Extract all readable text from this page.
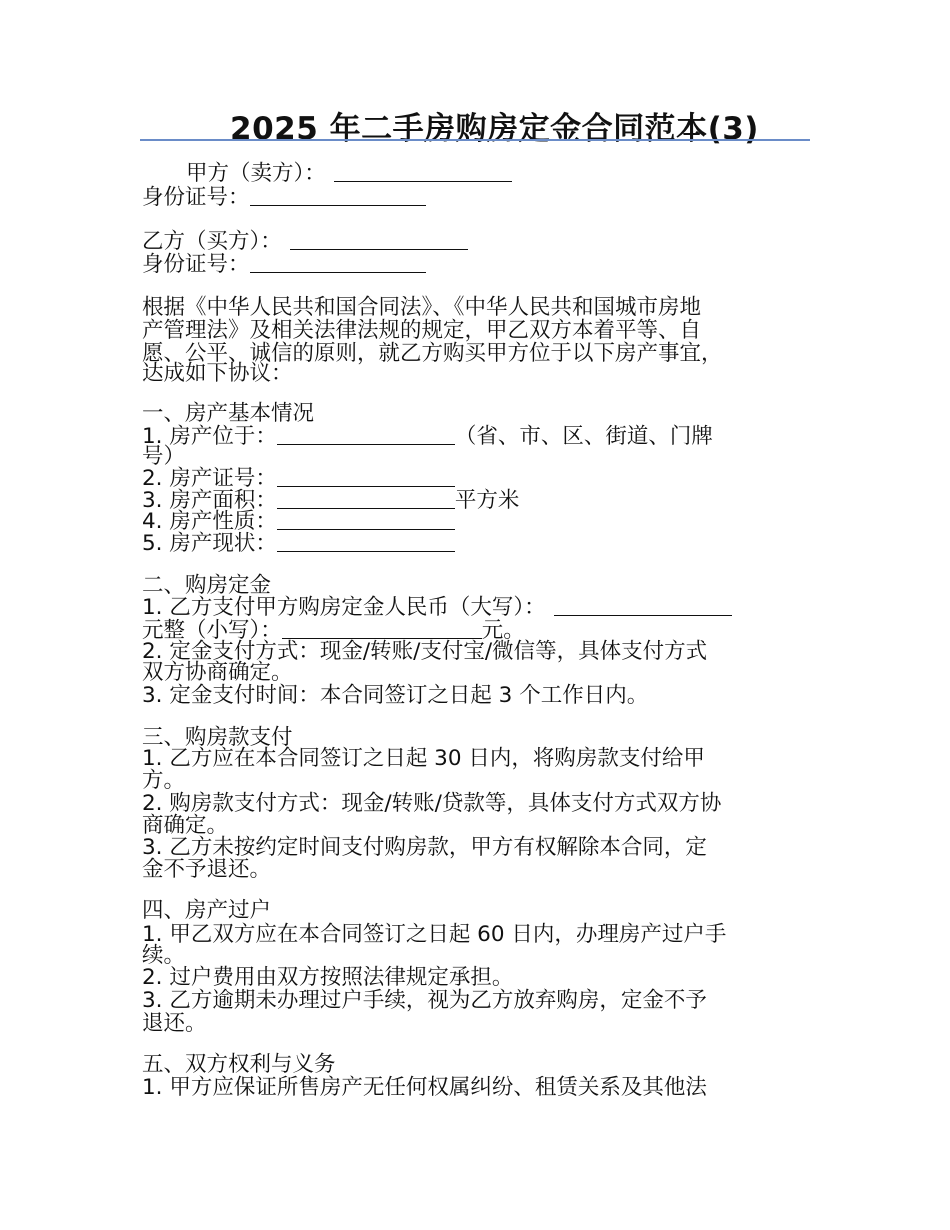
2025 年二手房购房定金合同范本(3)
甲方（卖方）：
身份证号：
乙方（买方）：
身份证号：
根据《中华人民共和国合同法》、《中华人民共和国城市房地
产管理法》及相关法律法规的规定，甲乙双方本着平等、自
愿、公平、诚信的原则，就乙方购买甲方位于以下房产事宜，
达成如下协议：
一、房产基本情况
1. 房产位于：	（省、市、区、街道、门牌
号）
2. 房产证号：
3. 房产面积：	平方米
4. 房产性质：
5. 房产现状：
二、购房定金
1. 乙方支付甲方购房定金人民币（大写）：
元整（小写）：	元。
2. 定金支付方式：现金/转账/支付宝/微信等，具体支付方式
双方协商确定。
3. 定金支付时间：本合同签订之日起 3 个工作日内。
三、购房款支付
1. 乙方应在本合同签订之日起 30 日内，将购房款支付给甲
方。
2. 购房款支付方式：现金/转账/贷款等，具体支付方式双方协
商确定。
3. 乙方未按约定时间支付购房款，甲方有权解除本合同，定
金不予退还。
四、房产过户
1. 甲乙双方应在本合同签订之日起 60 日内，办理房产过户手
续。
2. 过户费用由双方按照法律规定承担。
3. 乙方逾期未办理过户手续，视为乙方放弃购房，定金不予
退还。
五、双方权利与义务
1. 甲方应保证所售房产无任何权属纠纷、租赁关系及其他法
